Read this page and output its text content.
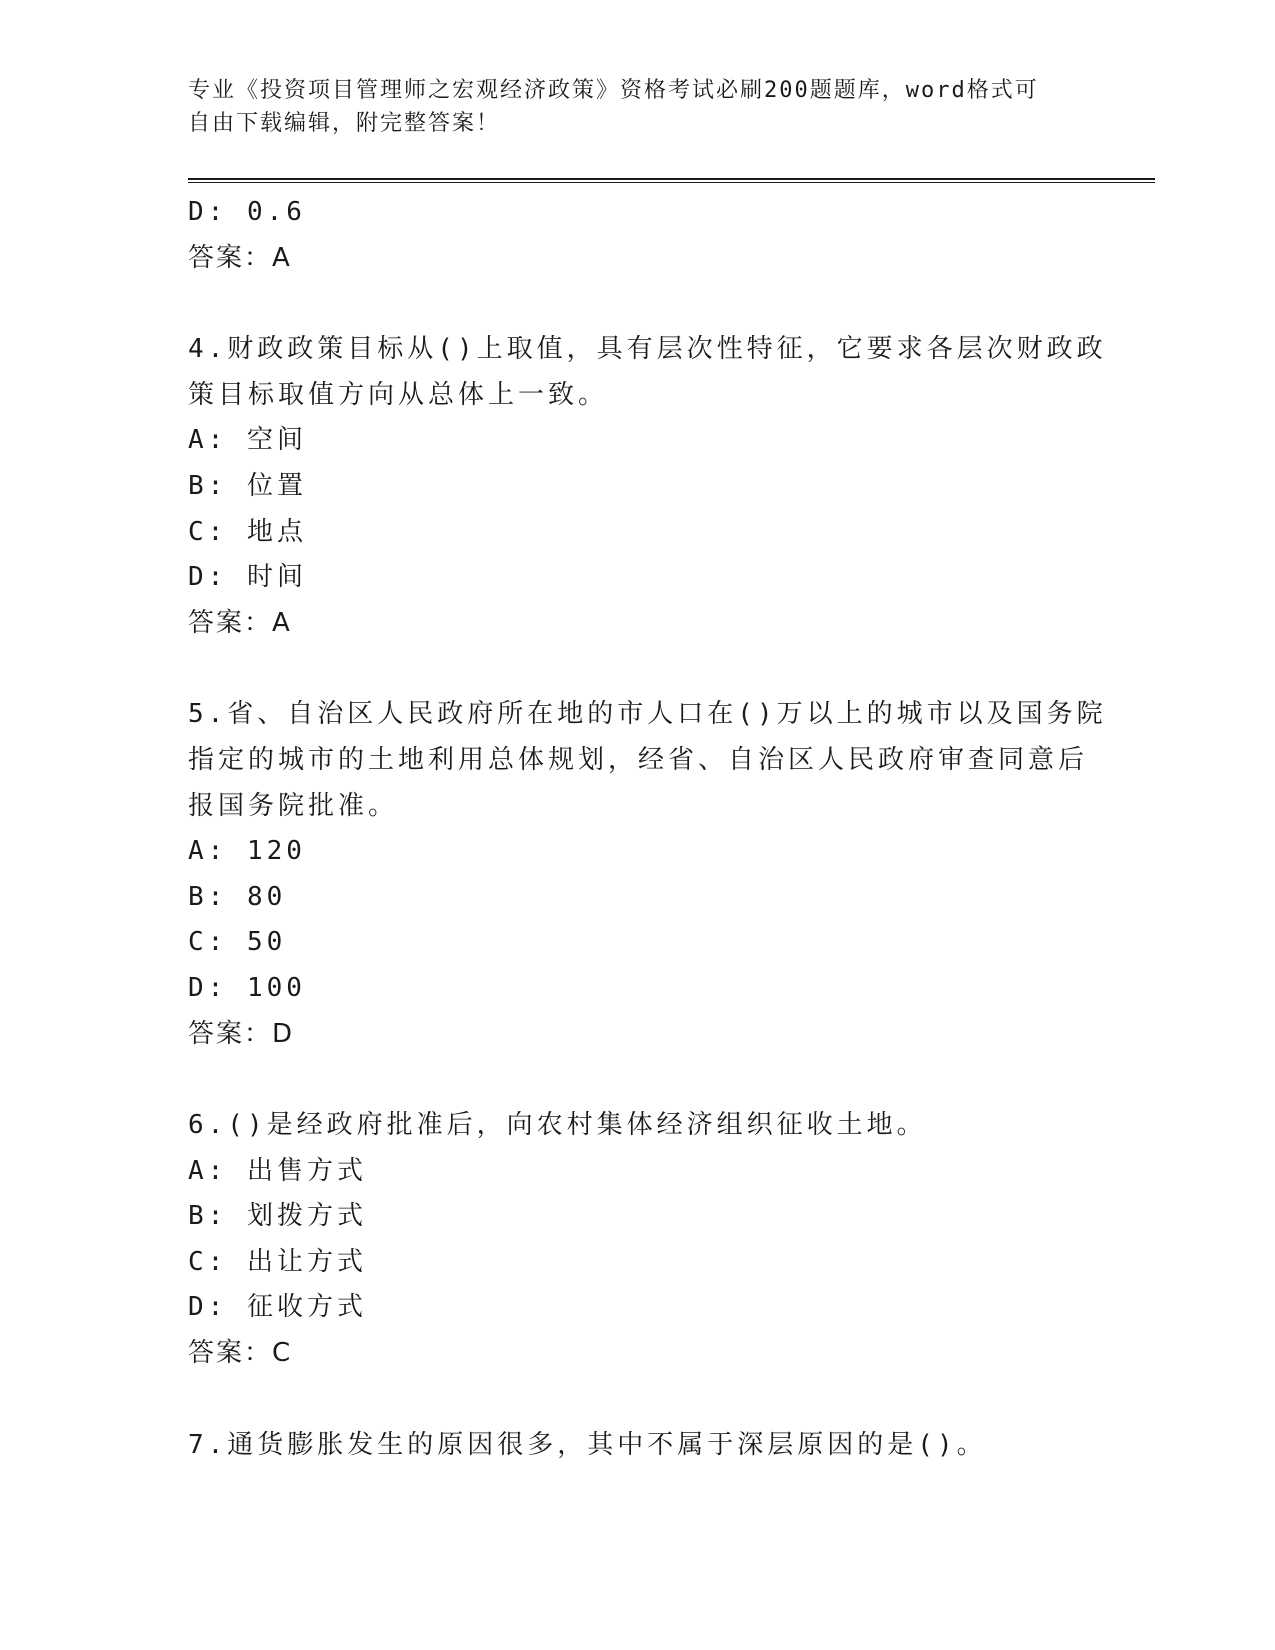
专业《投资项目管理师之宏观经济政策》资格考试必刷200题题库，word格式可
自由下载编辑，附完整答案！
D: 0.6
答案：A
4.财政政策目标从()上取值，具有层次性特征，它要求各层次财政政
策目标取值方向从总体上一致。
A: 空间
B: 位置
C: 地点
D: 时间
答案：A
5.省、自治区人民政府所在地的市人口在()万以上的城市以及国务院
指定的城市的土地利用总体规划，经省、自治区人民政府审查同意后
报国务院批准。
A: 120
B: 80
C: 50
D: 100
答案：D
6.()是经政府批准后，向农村集体经济组织征收土地。
A: 出售方式
B: 划拨方式
C: 出让方式
D: 征收方式
答案：C
7.通货膨胀发生的原因很多，其中不属于深层原因的是()。
